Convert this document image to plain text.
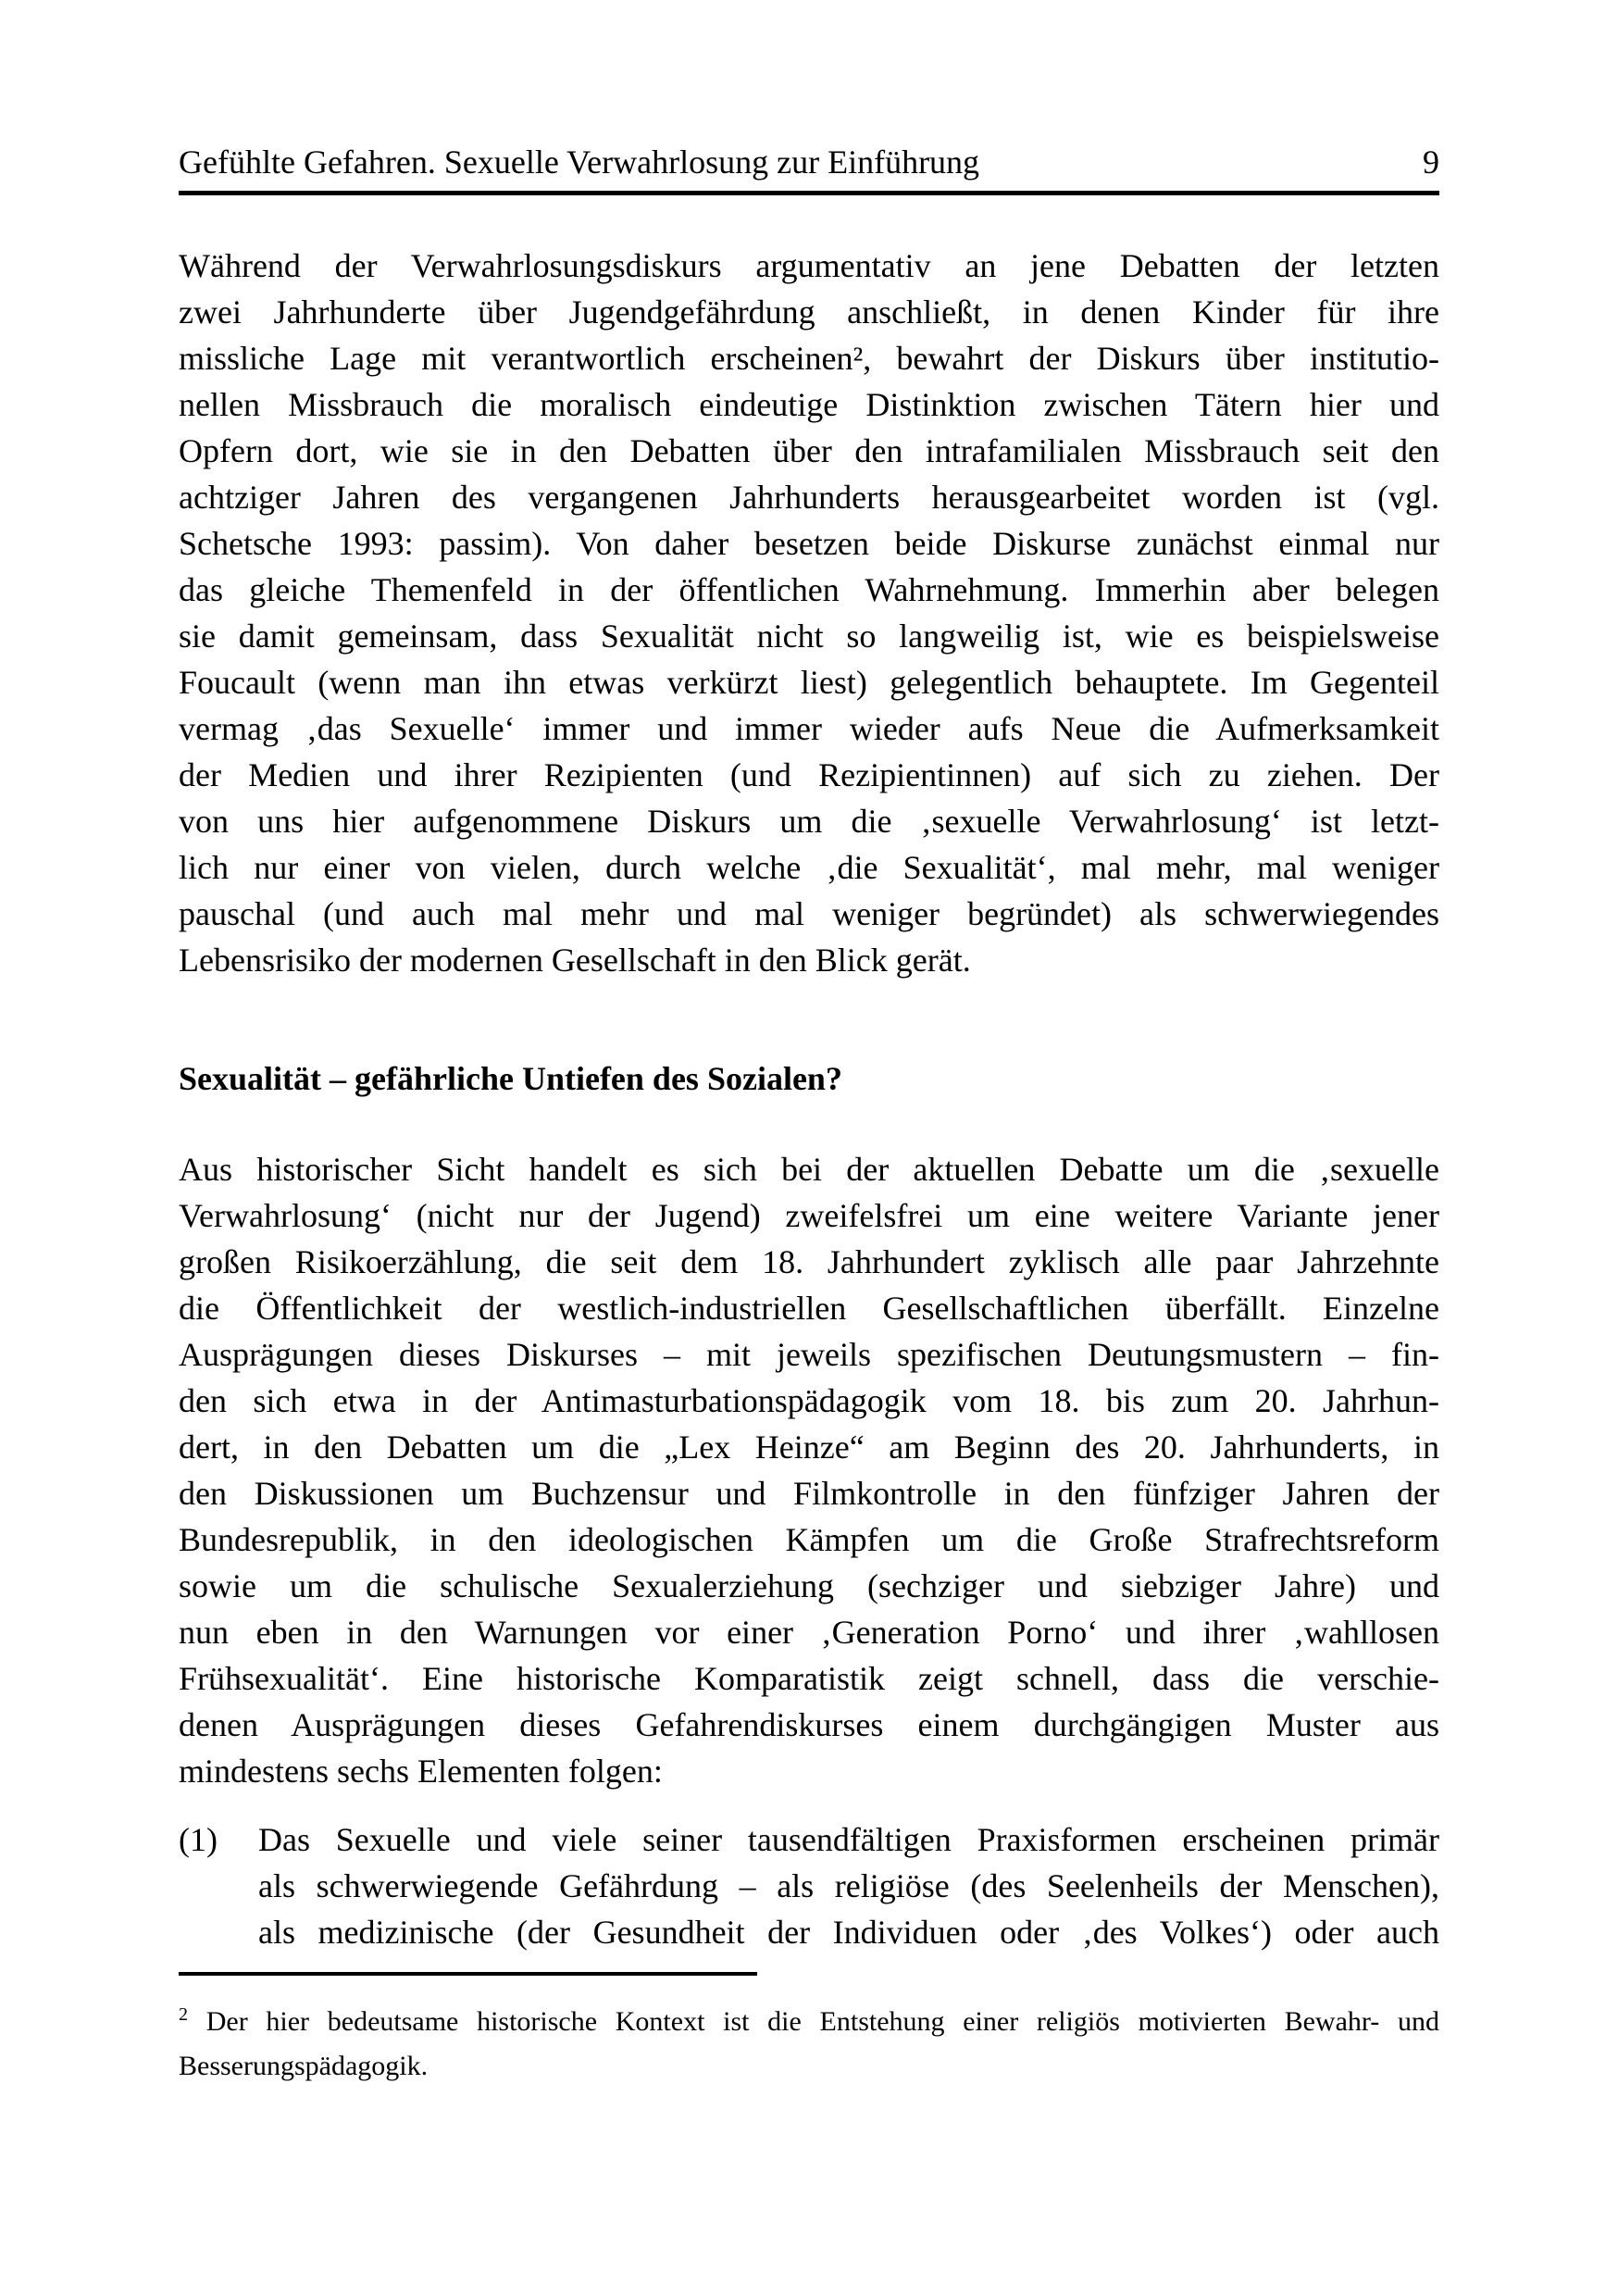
Gefühlte Gefahren. Sexuelle Verwahrlosung zur Einführung	9
Während der Verwahrlosungsdiskurs argumentativ an jene Debatten der letzten
zwei Jahrhunderte über Jugendgefährdung anschließt, in denen Kinder für ihre
missliche Lage mit verantwortlich erscheinen², bewahrt der Diskurs über institutio-
nellen Missbrauch die moralisch eindeutige Distinktion zwischen Tätern hier und
Opfern dort, wie sie in den Debatten über den intrafamilialen Missbrauch seit den
achtziger Jahren des vergangenen Jahrhunderts herausgearbeitet worden ist (vgl.
Schetsche 1993: passim). Von daher besetzen beide Diskurse zunächst einmal nur
das gleiche Themenfeld in der öffentlichen Wahrnehmung. Immerhin aber belegen
sie damit gemeinsam, dass Sexualität nicht so langweilig ist, wie es beispielsweise
Foucault (wenn man ihn etwas verkürzt liest) gelegentlich behauptete. Im Gegenteil
vermag ‚das Sexuelle‘ immer und immer wieder aufs Neue die Aufmerksamkeit
der Medien und ihrer Rezipienten (und Rezipientinnen) auf sich zu ziehen. Der
von uns hier aufgenommene Diskurs um die ‚sexuelle Verwahrlosung‘ ist letzt-
lich nur einer von vielen, durch welche ‚die Sexualität‘, mal mehr, mal weniger
pauschal (und auch mal mehr und mal weniger begründet) als schwerwiegendes
Lebensrisiko der modernen Gesellschaft in den Blick gerät.
Sexualität – gefährliche Untiefen des Sozialen?
Aus historischer Sicht handelt es sich bei der aktuellen Debatte um die ‚sexuelle
Verwahrlosung‘ (nicht nur der Jugend) zweifelsfrei um eine weitere Variante jener
großen Risikoerzählung, die seit dem 18. Jahrhundert zyklisch alle paar Jahrzehnte
die Öffentlichkeit der westlich-industriellen Gesellschaftlichen überfällt. Einzelne
Ausprägungen dieses Diskurses – mit jeweils spezifischen Deutungsmustern – fin-
den sich etwa in der Antimasturbationspädagogik vom 18. bis zum 20. Jahrhun-
dert, in den Debatten um die „Lex Heinze“ am Beginn des 20. Jahrhunderts, in
den Diskussionen um Buchzensur und Filmkontrolle in den fünfziger Jahren der
Bundesrepublik, in den ideologischen Kämpfen um die Große Strafrechtsreform
sowie um die schulische Sexualerziehung (sechziger und siebziger Jahre) und
nun eben in den Warnungen vor einer ‚Generation Porno‘ und ihrer ‚wahllosen
Frühsexualität‘. Eine historische Komparatistik zeigt schnell, dass die verschie-
denen Ausprägungen dieses Gefahrendiskurses einem durchgängigen Muster aus
mindestens sechs Elementen folgen:
(1)	Das Sexuelle und viele seiner tausendfältigen Praxisformen erscheinen primär
als schwerwiegende Gefährdung – als religiöse (des Seelenheils der Menschen),
als medizinische (der Gesundheit der Individuen oder ‚des Volkes‘) oder auch
$^2$ Der hier bedeutsame historische Kontext ist die Entstehung einer religiös motivierten Bewahr- und
Besserungspädagogik.
